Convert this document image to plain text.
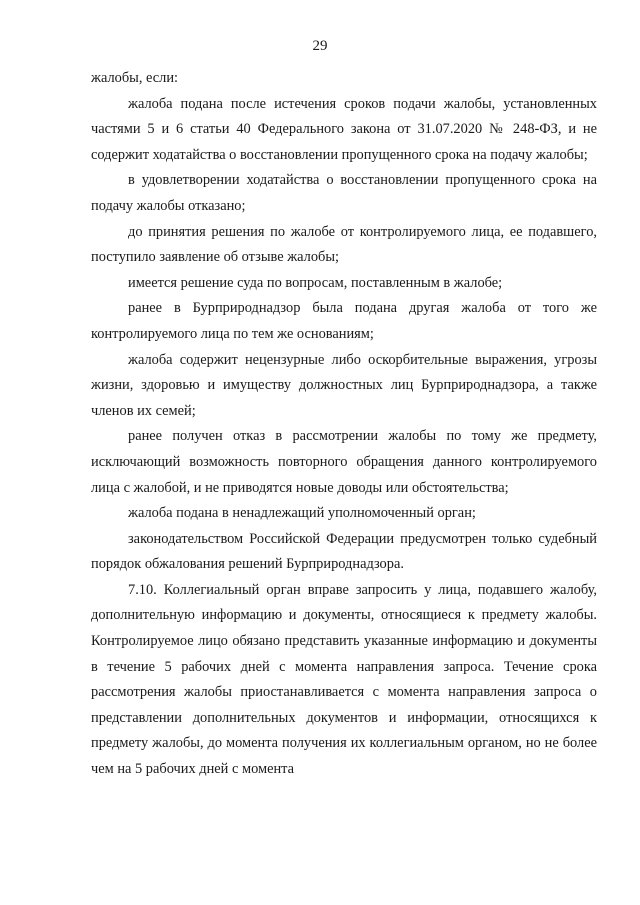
29

жалобы, если:

жалоба подана после истечения сроков подачи жалобы, установленных частями 5 и 6 статьи 40 Федерального закона от 31.07.2020 № 248-ФЗ, и не содержит ходатайства о восстановлении пропущенного срока на подачу жалобы;

в удовлетворении ходатайства о восстановлении пропущенного срока на подачу жалобы отказано;

до принятия решения по жалобе от контролируемого лица, ее подавшего, поступило заявление об отзыве жалобы;

имеется решение суда по вопросам, поставленным в жалобе;

ранее в Бурприроднадзор была подана другая жалоба от того же контролируемого лица по тем же основаниям;

жалоба содержит нецензурные либо оскорбительные выражения, угрозы жизни, здоровью и имуществу должностных лиц Бурприроднадзора, а также членов их семей;

ранее получен отказ в рассмотрении жалобы по тому же предмету, исключающий возможность повторного обращения данного контролируемого лица с жалобой, и не приводятся новые доводы или обстоятельства;

жалоба подана в ненадлежащий уполномоченный орган;

законодательством Российской Федерации предусмотрен только судебный порядок обжалования решений Бурприроднадзора.

7.10. Коллегиальный орган вправе запросить у лица, подавшего жалобу, дополнительную информацию и документы, относящиеся к предмету жалобы. Контролируемое лицо обязано представить указанные информацию и документы в течение 5 рабочих дней с момента направления запроса. Течение срока рассмотрения жалобы приостанавливается с момента направления запроса о представлении дополнительных документов и информации, относящихся к предмету жалобы, до момента получения их коллегиальным органом, но не более чем на 5 рабочих дней с момента
